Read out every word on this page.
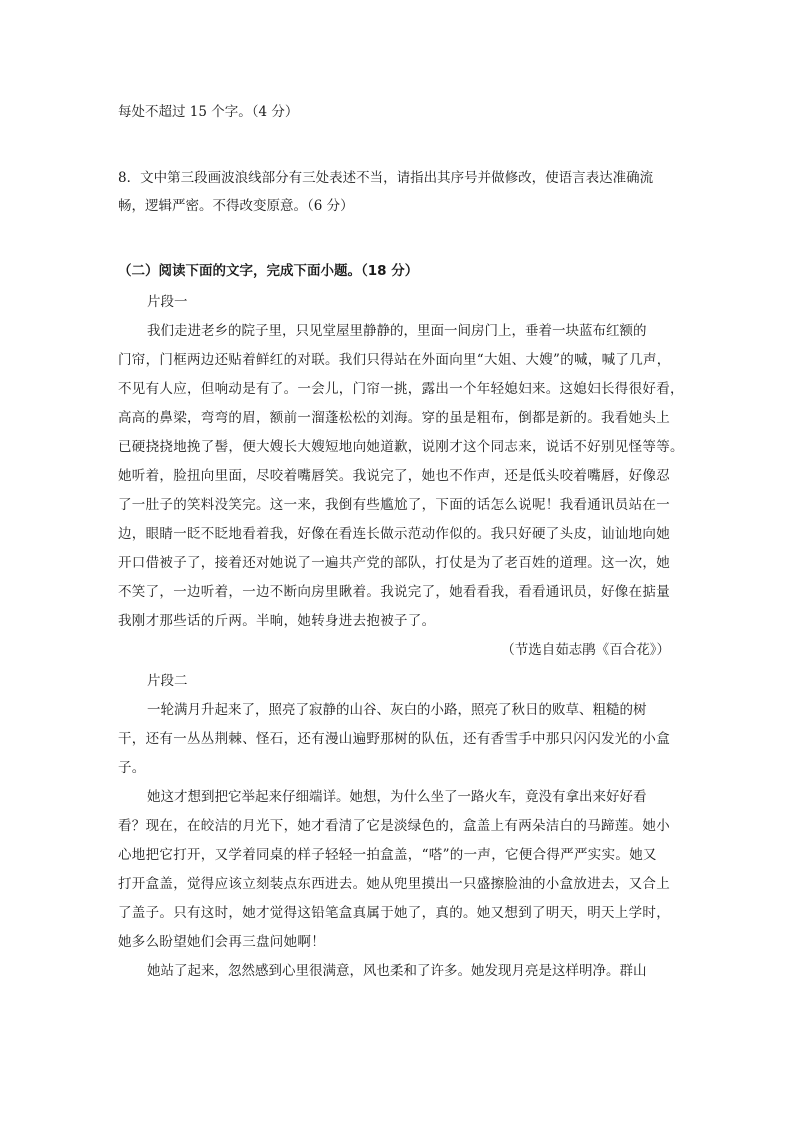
每处不超过 15 个字。（4 分）
8．文中第三段画波浪线部分有三处表述不当，请指出其序号并做修改，使语言表达准确流
畅，逻辑严密。不得改变原意。（6 分）
（二）阅读下面的文字，完成下面小题。（18 分）
片段一
我们走进老乡的院子里，只见堂屋里静静的，里面一间房门上，垂着一块蓝布红额的
门帘，门框两边还贴着鲜红的对联。我们只得站在外面向里“大姐、大嫂”的喊，喊了几声，
不见有人应，但响动是有了。一会儿，门帘一挑，露出一个年轻媳妇来。这媳妇长得很好看，
高高的鼻梁，弯弯的眉，额前一溜蓬松松的刘海。穿的虽是粗布，倒都是新的。我看她头上
已硬挠挠地挽了髻，便大嫂长大嫂短地向她道歉，说刚才这个同志来，说话不好别见怪等等。
她听着，脸扭向里面，尽咬着嘴唇笑。我说完了，她也不作声，还是低头咬着嘴唇，好像忍
了一肚子的笑料没笑完。这一来，我倒有些尴尬了，下面的话怎么说呢！我看通讯员站在一
边，眼睛一眨不眨地看着我，好像在看连长做示范动作似的。我只好硬了头皮，讪讪地向她
开口借被子了，接着还对她说了一遍共产党的部队，打仗是为了老百姓的道理。这一次，她
不笑了，一边听着，一边不断向房里瞅着。我说完了，她看看我，看看通讯员，好像在掂量
我刚才那些话的斤两。半晌，她转身进去抱被子了。
（节选自茹志鹃《百合花》）
片段二
一轮满月升起来了，照亮了寂静的山谷、灰白的小路，照亮了秋日的败草、粗糙的树
干，还有一丛丛荆棘、怪石，还有漫山遍野那树的队伍，还有香雪手中那只闪闪发光的小盒
子。
她这才想到把它举起来仔细端详。她想，为什么坐了一路火车，竟没有拿出来好好看
看？现在，在皎洁的月光下，她才看清了它是淡绿色的，盒盖上有两朵洁白的马蹄莲。她小
心地把它打开，又学着同桌的样子轻轻一拍盒盖，“嗒”的一声，它便合得严严实实。她又
打开盒盖，觉得应该立刻装点东西进去。她从兜里摸出一只盛擦脸油的小盒放进去，又合上
了盖子。只有这时，她才觉得这铅笔盒真属于她了，真的。她又想到了明天，明天上学时，
她多么盼望她们会再三盘问她啊！
她站了起来，忽然感到心里很满意，风也柔和了许多。她发现月亮是这样明净。群山
